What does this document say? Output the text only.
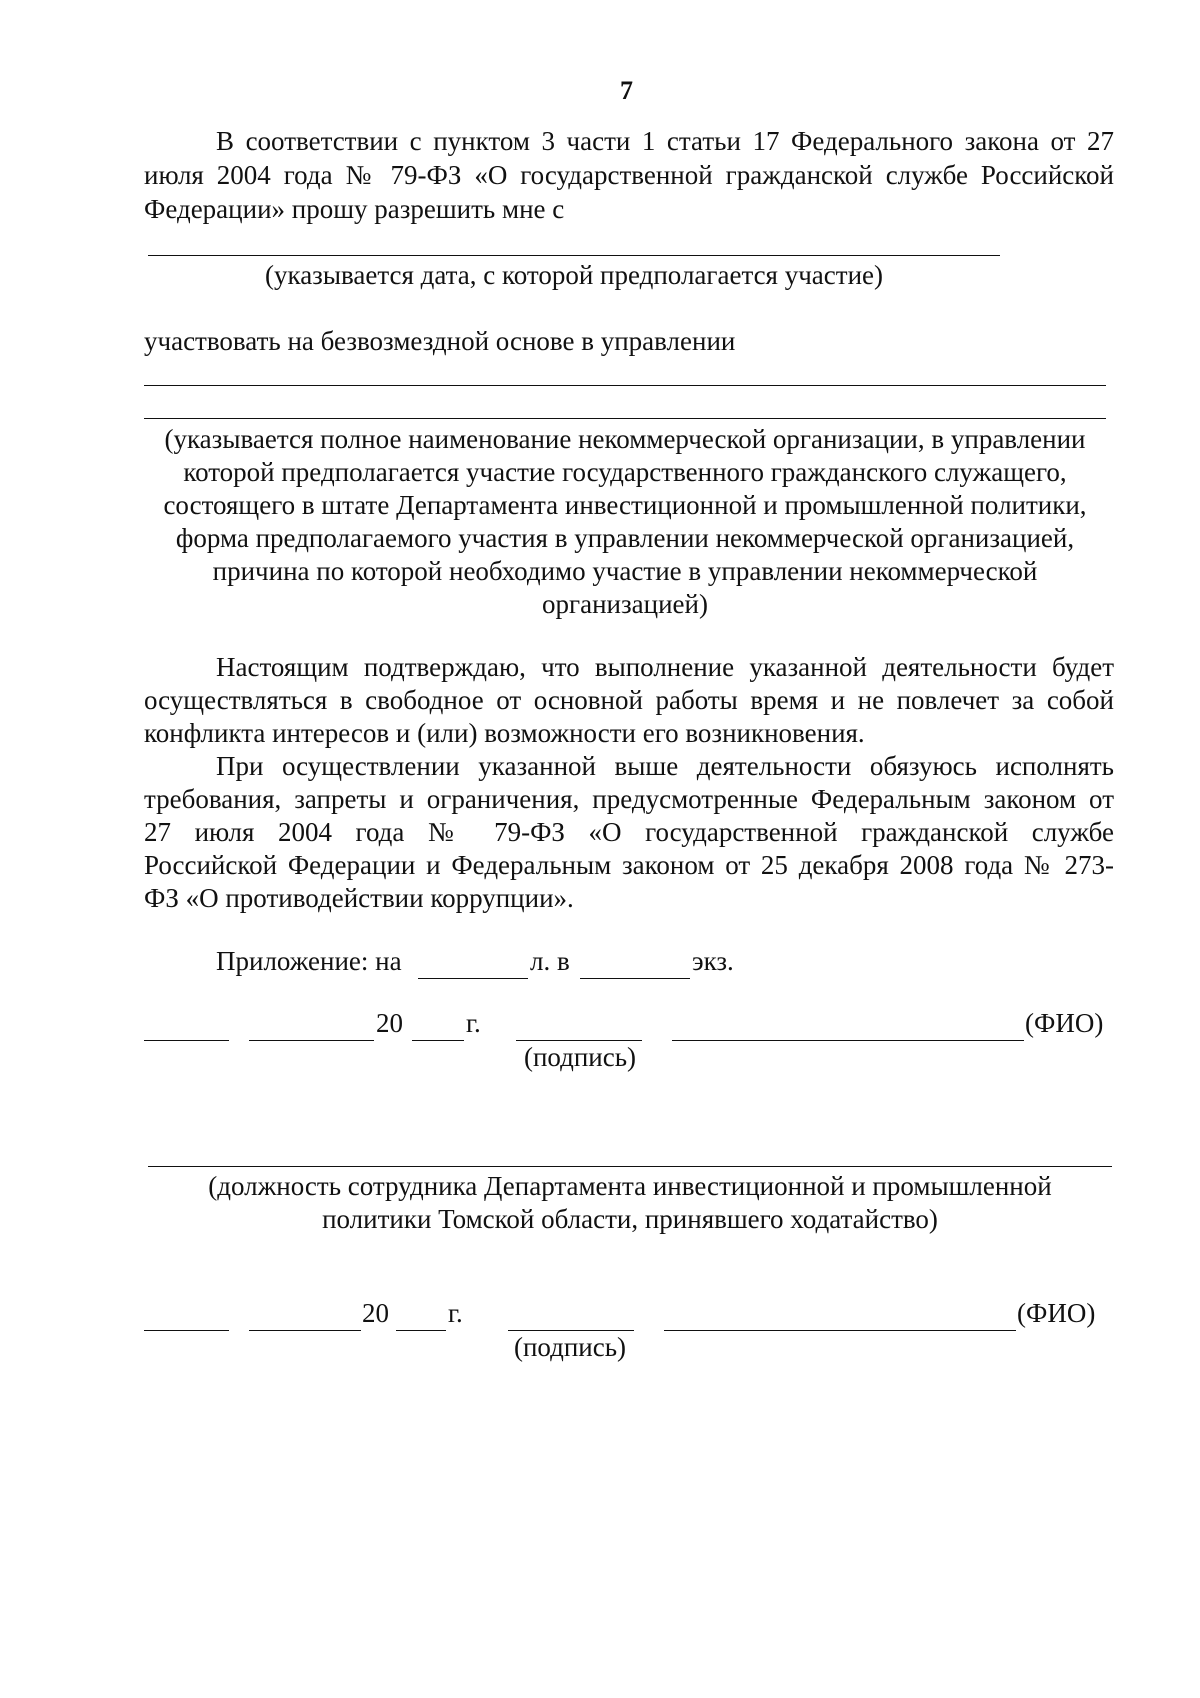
7
В соответствии с пунктом 3 части 1 статьи 17 Федерального закона от 27
июля 2004 года № 79-ФЗ «О государственной гражданской службе Российской
Федерации» прошу разрешить мне с
(указывается дата, с которой предполагается участие)
участвовать на безвозмездной основе в управлении
(указывается полное наименование некоммерческой организации, в управлении
которой предполагается участие государственного гражданского служащего,
состоящего в штате Департамента инвестиционной и промышленной политики,
форма предполагаемого участия в управлении некоммерческой организацией,
причина по которой необходимо участие в управлении некоммерческой
организацией)
Настоящим подтверждаю, что выполнение указанной деятельности будет
осуществляться в свободное от основной работы время и не повлечет за собой
конфликта интересов и (или) возможности его возникновения.
При осуществлении указанной выше деятельности обязуюсь исполнять
требования, запреты и ограничения, предусмотренные Федеральным законом от
27 июля 2004 года № 79-ФЗ «О государственной гражданской службе
Российской Федерации и Федеральным законом от 25 декабря 2008 года № 273-
ФЗ «О противодействии коррупции».
Приложение: на	л. в	экз.
20 г.	(ФИО)
(подпись)
(должность сотрудника Департамента инвестиционной и промышленной
политики Томской области, принявшего ходатайство)
20 г.	(ФИО)
(подпись)
